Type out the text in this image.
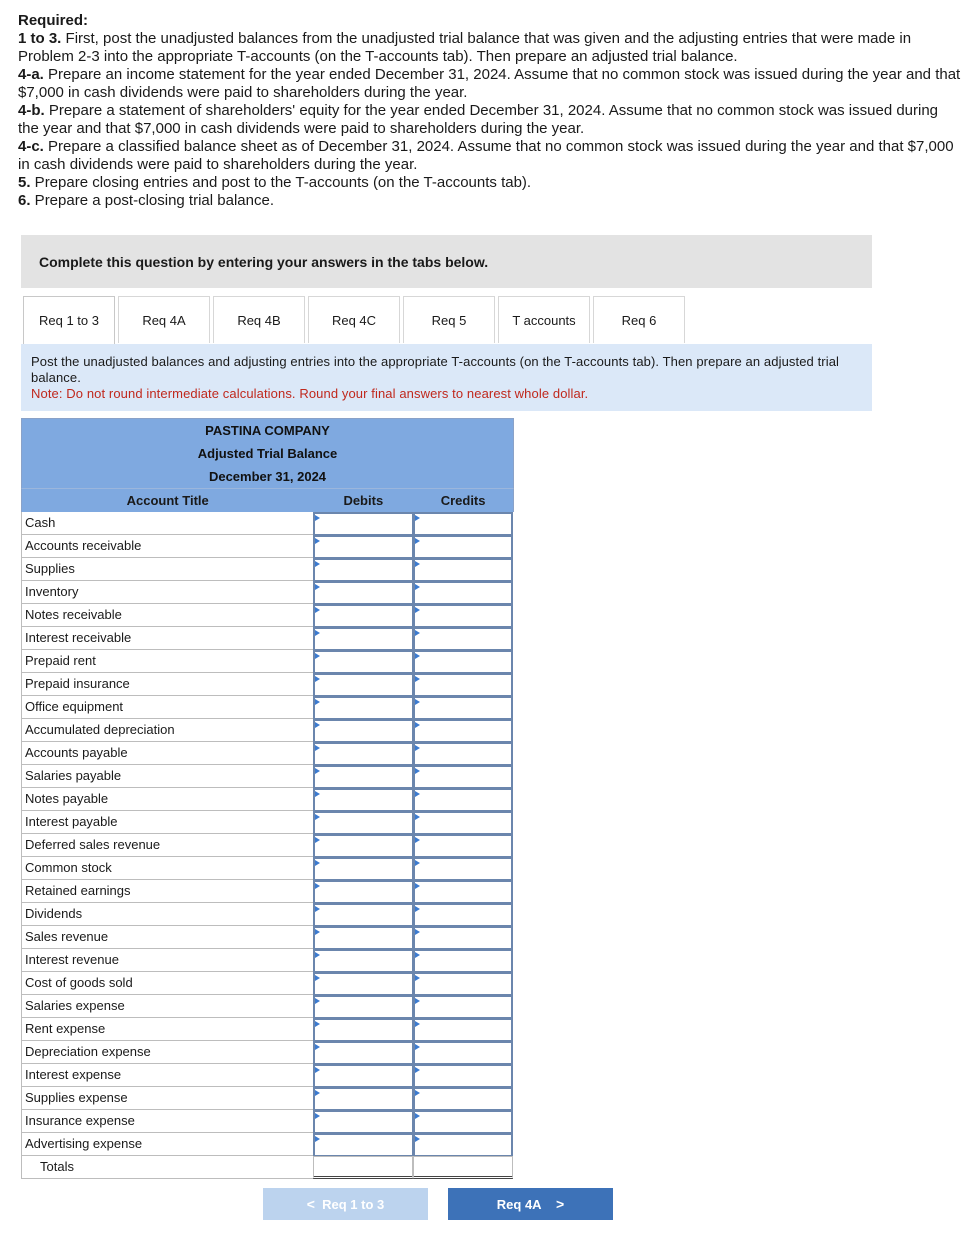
Required:

1 to 3. First, post the unadjusted balances from the unadjusted trial balance that was given and the adjusting entries that were made in Problem 2-3 into the appropriate T-accounts (on the T-accounts tab). Then prepare an adjusted trial balance.

4-a. Prepare an income statement for the year ended December 31, 2024. Assume that no common stock was issued during the year and that $7,000 in cash dividends were paid to shareholders during the year.

4-b. Prepare a statement of shareholders' equity for the year ended December 31, 2024. Assume that no common stock was issued during the year and that $7,000 in cash dividends were paid to shareholders during the year.

4-c. Prepare a classified balance sheet as of December 31, 2024. Assume that no common stock was issued during the year and that $7,000 in cash dividends were paid to shareholders during the year.

5. Prepare closing entries and post to the T-accounts (on the T-accounts tab).

6. Prepare a post-closing trial balance.

Complete this question by entering your answers in the tabs below.
Req 1 to 3	Req 4A	Req 4B	Req 4C	Req 5	T accounts	Req 6
Post the unadjusted balances and adjusting entries into the appropriate T-accounts (on the T-accounts tab). Then prepare an adjusted trial balance.
Note: Do not round intermediate calculations. Round your final answers to nearest whole dollar.
PASTINA COMPANY
Adjusted Trial Balance
December 31, 2024
Account Title	Debits	Credits
Cash
Accounts receivable
Supplies
Inventory
Notes receivable
Interest receivable
Prepaid rent
Prepaid insurance
Office equipment
Accumulated depreciation
Accounts payable
Salaries payable
Notes payable
Interest payable
Deferred sales revenue
Common stock
Retained earnings
Dividends
Sales revenue
Interest revenue
Cost of goods sold
Salaries expense
Rent expense
Depreciation expense
Interest expense
Supplies expense
Insurance expense
Advertising expense
Totals
<
Req 1 to 3	Req 4A
>
